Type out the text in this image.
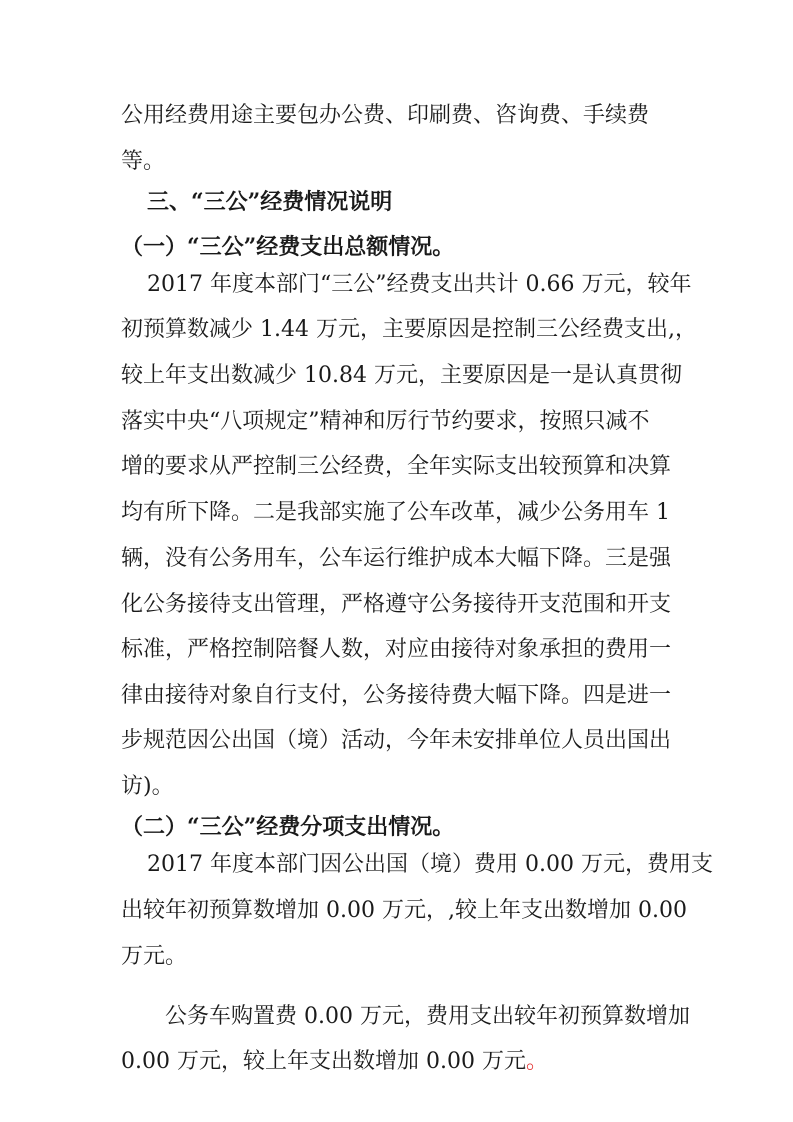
公用经费用途主要包办公费、印刷费、咨询费、手续费
等。
三、“三公”经费情况说明
（一）“三公”经费支出总额情况。
2017 年度本部门“三公”经费支出共计 0.66 万元，较年
初预算数减少 1.44 万元，主要原因是控制三公经费支出,，
较上年支出数减少 10.84 万元，主要原因是一是认真贯彻
落实中央“八项规定”精神和厉行节约要求，按照只减不
增的要求从严控制三公经费，全年实际支出较预算和决算
均有所下降。二是我部实施了公车改革，减少公务用车 1
辆，没有公务用车，公车运行维护成本大幅下降。三是强
化公务接待支出管理，严格遵守公务接待开支范围和开支
标准，严格控制陪餐人数，对应由接待对象承担的费用一
律由接待对象自行支付，公务接待费大幅下降。四是进一
步规范因公出国（境）活动，今年未安排单位人员出国出
访)。
（二）“三公”经费分项支出情况。
2017 年度本部门因公出国（境）费用 0.00 万元，费用支
出较年初预算数增加 0.00 万元，,较上年支出数增加 0.00
万元。
公务车购置费 0.00 万元，费用支出较年初预算数增加
0.00 万元，较上年支出数增加 0.00 万元。
